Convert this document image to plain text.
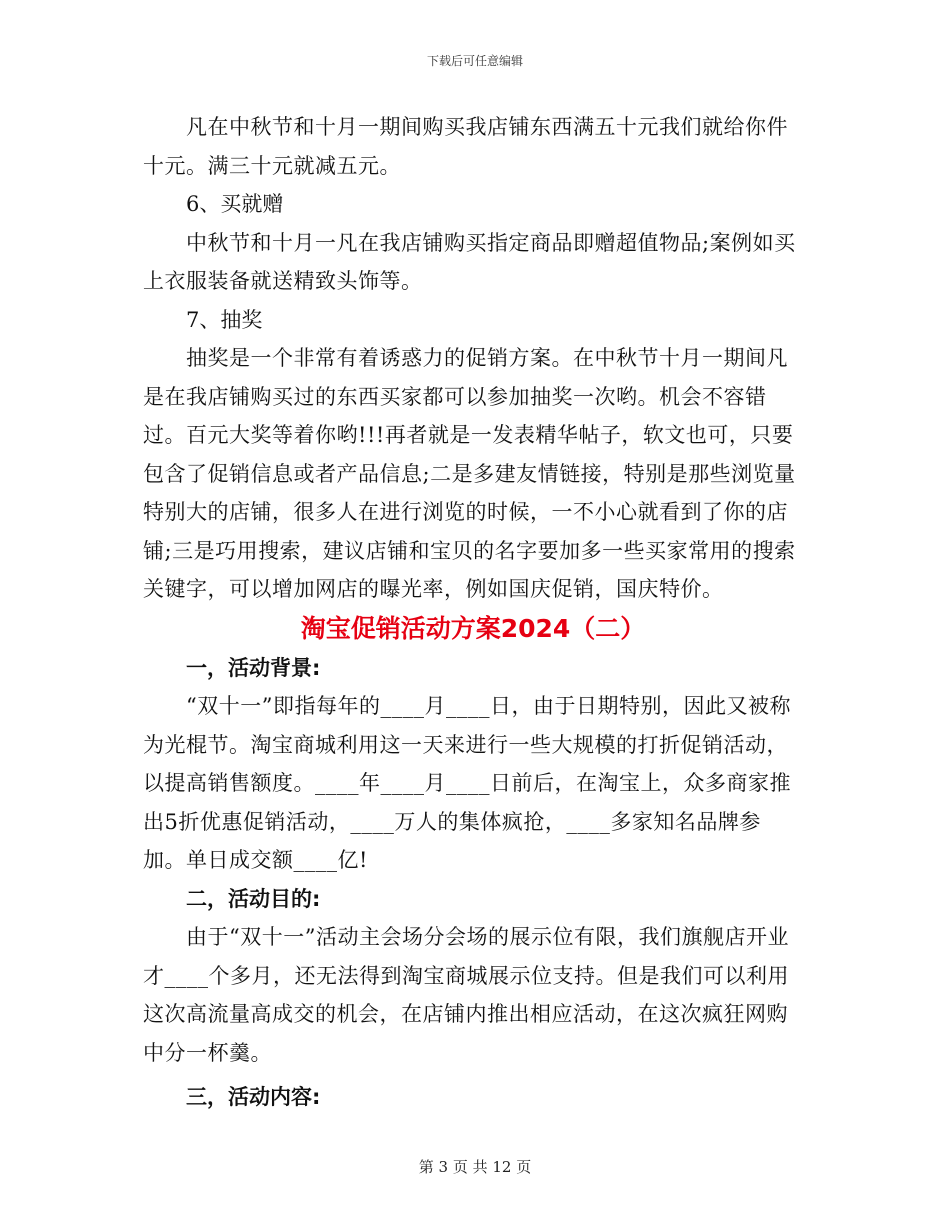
下载后可任意编辑

凡在中秋节和十月一期间购买我店铺东西满五十元我们就给你件十元。满三十元就减五元。

6、买就赠

中秋节和十月一凡在我店铺购买指定商品即赠超值物品;案例如买上衣服装备就送精致头饰等。

7、抽奖

抽奖是一个非常有着诱惑力的促销方案。在中秋节十月一期间凡是在我店铺购买过的东西买家都可以参加抽奖一次哟。机会不容错过。百元大奖等着你哟!!!再者就是一发表精华帖子，软文也可，只要包含了促销信息或者产品信息;二是多建友情链接，特别是那些浏览量特别大的店铺，很多人在进行浏览的时候，一不小心就看到了你的店铺;三是巧用搜索，建议店铺和宝贝的名字要加多一些买家常用的搜索关键字，可以增加网店的曝光率，例如国庆促销，国庆特价。

淘宝促销活动方案2024（二）

一，活动背景:

“双十一”即指每年的____月____日，由于日期特别，因此又被称为光棍节。淘宝商城利用这一天来进行一些大规模的打折促销活动，以提高销售额度。____年____月____日前后，在淘宝上，众多商家推出5折优惠促销活动，____万人的集体疯抢，____多家知名品牌参加。单日成交额____亿!

二，活动目的:

由于“双十一”活动主会场分会场的展示位有限，我们旗舰店开业才____个多月，还无法得到淘宝商城展示位支持。但是我们可以利用这次高流量高成交的机会，在店铺内推出相应活动，在这次疯狂网购中分一杯羹。

三，活动内容:

第 3 页 共 12 页
